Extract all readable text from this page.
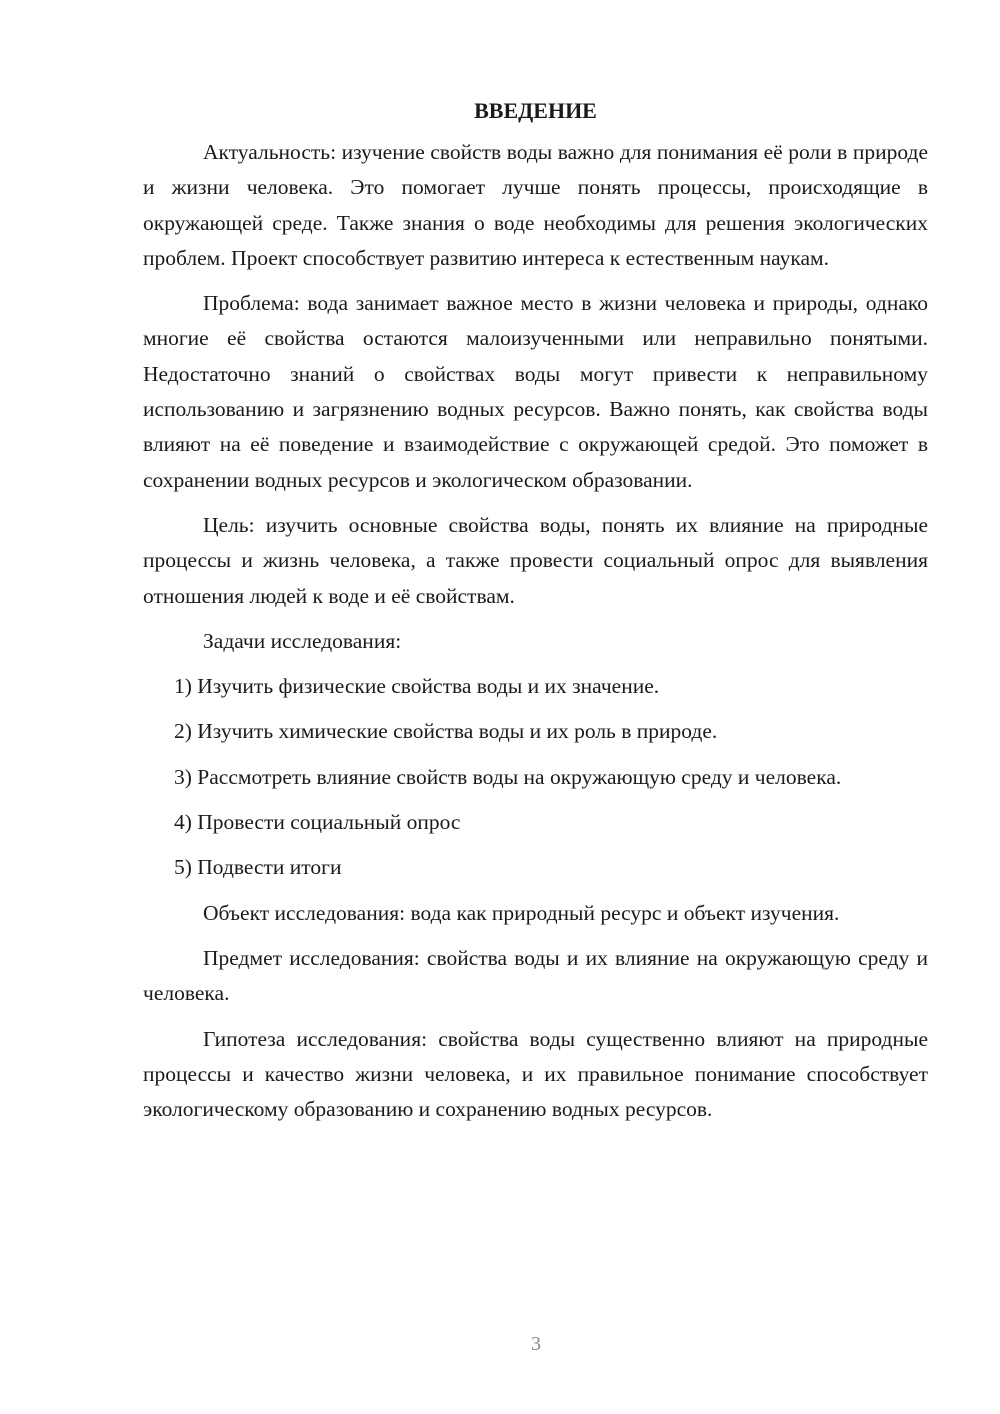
ВВЕДЕНИЕ

Актуальность: изучение свойств воды важно для понимания её роли в природе и жизни человека. Это помогает лучше понять процессы, происходящие в окружающей среде. Также знания о воде необходимы для решения экологических проблем. Проект способствует развитию интереса к естественным наукам.

Проблема: вода занимает важное место в жизни человека и природы, однако многие её свойства остаются малоизученными или неправильно понятыми. Недостаточно знаний о свойствах воды могут привести к неправильному использованию и загрязнению водных ресурсов. Важно понять, как свойства воды влияют на её поведение и взаимодействие с окружающей средой. Это поможет в сохранении водных ресурсов и экологическом образовании.

Цель: изучить основные свойства воды, понять их влияние на природные процессы и жизнь человека, а также провести социальный опрос для выявления отношения людей к воде и её свойствам.

Задачи исследования:

1) Изучить физические свойства воды и их значение.

2) Изучить химические свойства воды и их роль в природе.

3) Рассмотреть влияние свойств воды на окружающую среду и человека.

4) Провести социальный опрос

5) Подвести итоги

Объект исследования: вода как природный ресурс и объект изучения.

Предмет исследования: свойства воды и их влияние на окружающую среду и человека.

Гипотеза исследования: свойства воды существенно влияют на природные процессы и качество жизни человека, и их правильное понимание способствует экологическому образованию и сохранению водных ресурсов.

3
